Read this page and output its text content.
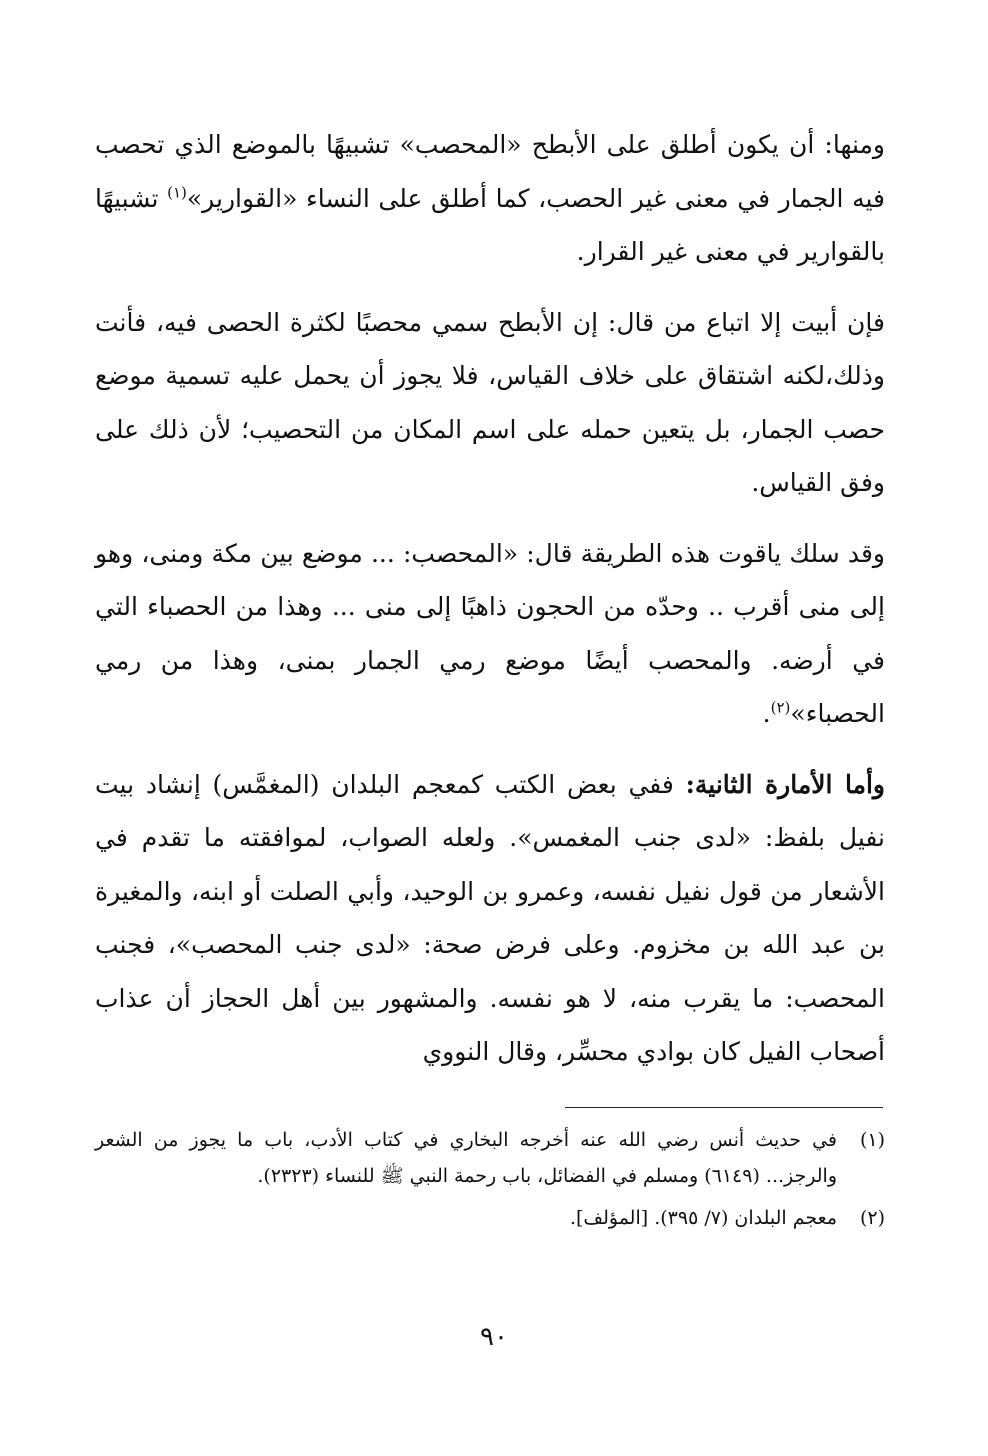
ومنها: أن يكون أطلق على الأبطح «المحصب» تشبيهًا بالموضع الذي تحصب فيه الجمار في معنى غير الحصب، كما أطلق على النساء «القوارير»$^{(١)}$ تشبيهًا بالقوارير في معنى غير القرار.

فإن أبيت إلا اتباع من قال: إن الأبطح سمي محصبًا لكثرة الحصى فيه، فأنت وذلك،لكنه اشتقاق على خلاف القياس، فلا يجوز أن يحمل عليه تسمية موضع حصب الجمار، بل يتعين حمله على اسم المكان من التحصيب؛ لأن ذلك على وفق القياس.

وقد سلك ياقوت هذه الطريقة قال: «المحصب: ... موضع بين مكة ومنى، وهو إلى منى أقرب .. وحدّه من الحجون ذاهبًا إلى منى ... وهذا من الحصباء التي في أرضه. والمحصب أيضًا موضع رمي الجمار بمنى، وهذا من رمي الحصباء»$^{(٢)}$.

وأما الأمارة الثانية: ففي بعض الكتب كمعجم البلدان (المغمَّس) إنشاد بيت نفيل بلفظ: «لدى جنب المغمس». ولعله الصواب، لموافقته ما تقدم في الأشعار من قول نفيل نفسه، وعمرو بن الوحيد، وأبي الصلت أو ابنه، والمغيرة بن عبد الله بن مخزوم. وعلى فرض صحة: «لدى جنب المحصب»، فجنب المحصب: ما يقرب منه، لا هو نفسه. والمشهور بين أهل الحجاز أن عذاب أصحاب الفيل كان بوادي محسِّر، وقال النووي

(١)
في حديث أنس رضي الله عنه أخرجه البخاري في كتاب الأدب، باب ما يجوز من الشعر والرجز... (٦١٤٩) ومسلم في الفضائل، باب رحمة النبي ﷺ للنساء (٢٣٢٣).
(٢)
معجم البلدان (٧/ ٣٩٥). [المؤلف].
٩٠
